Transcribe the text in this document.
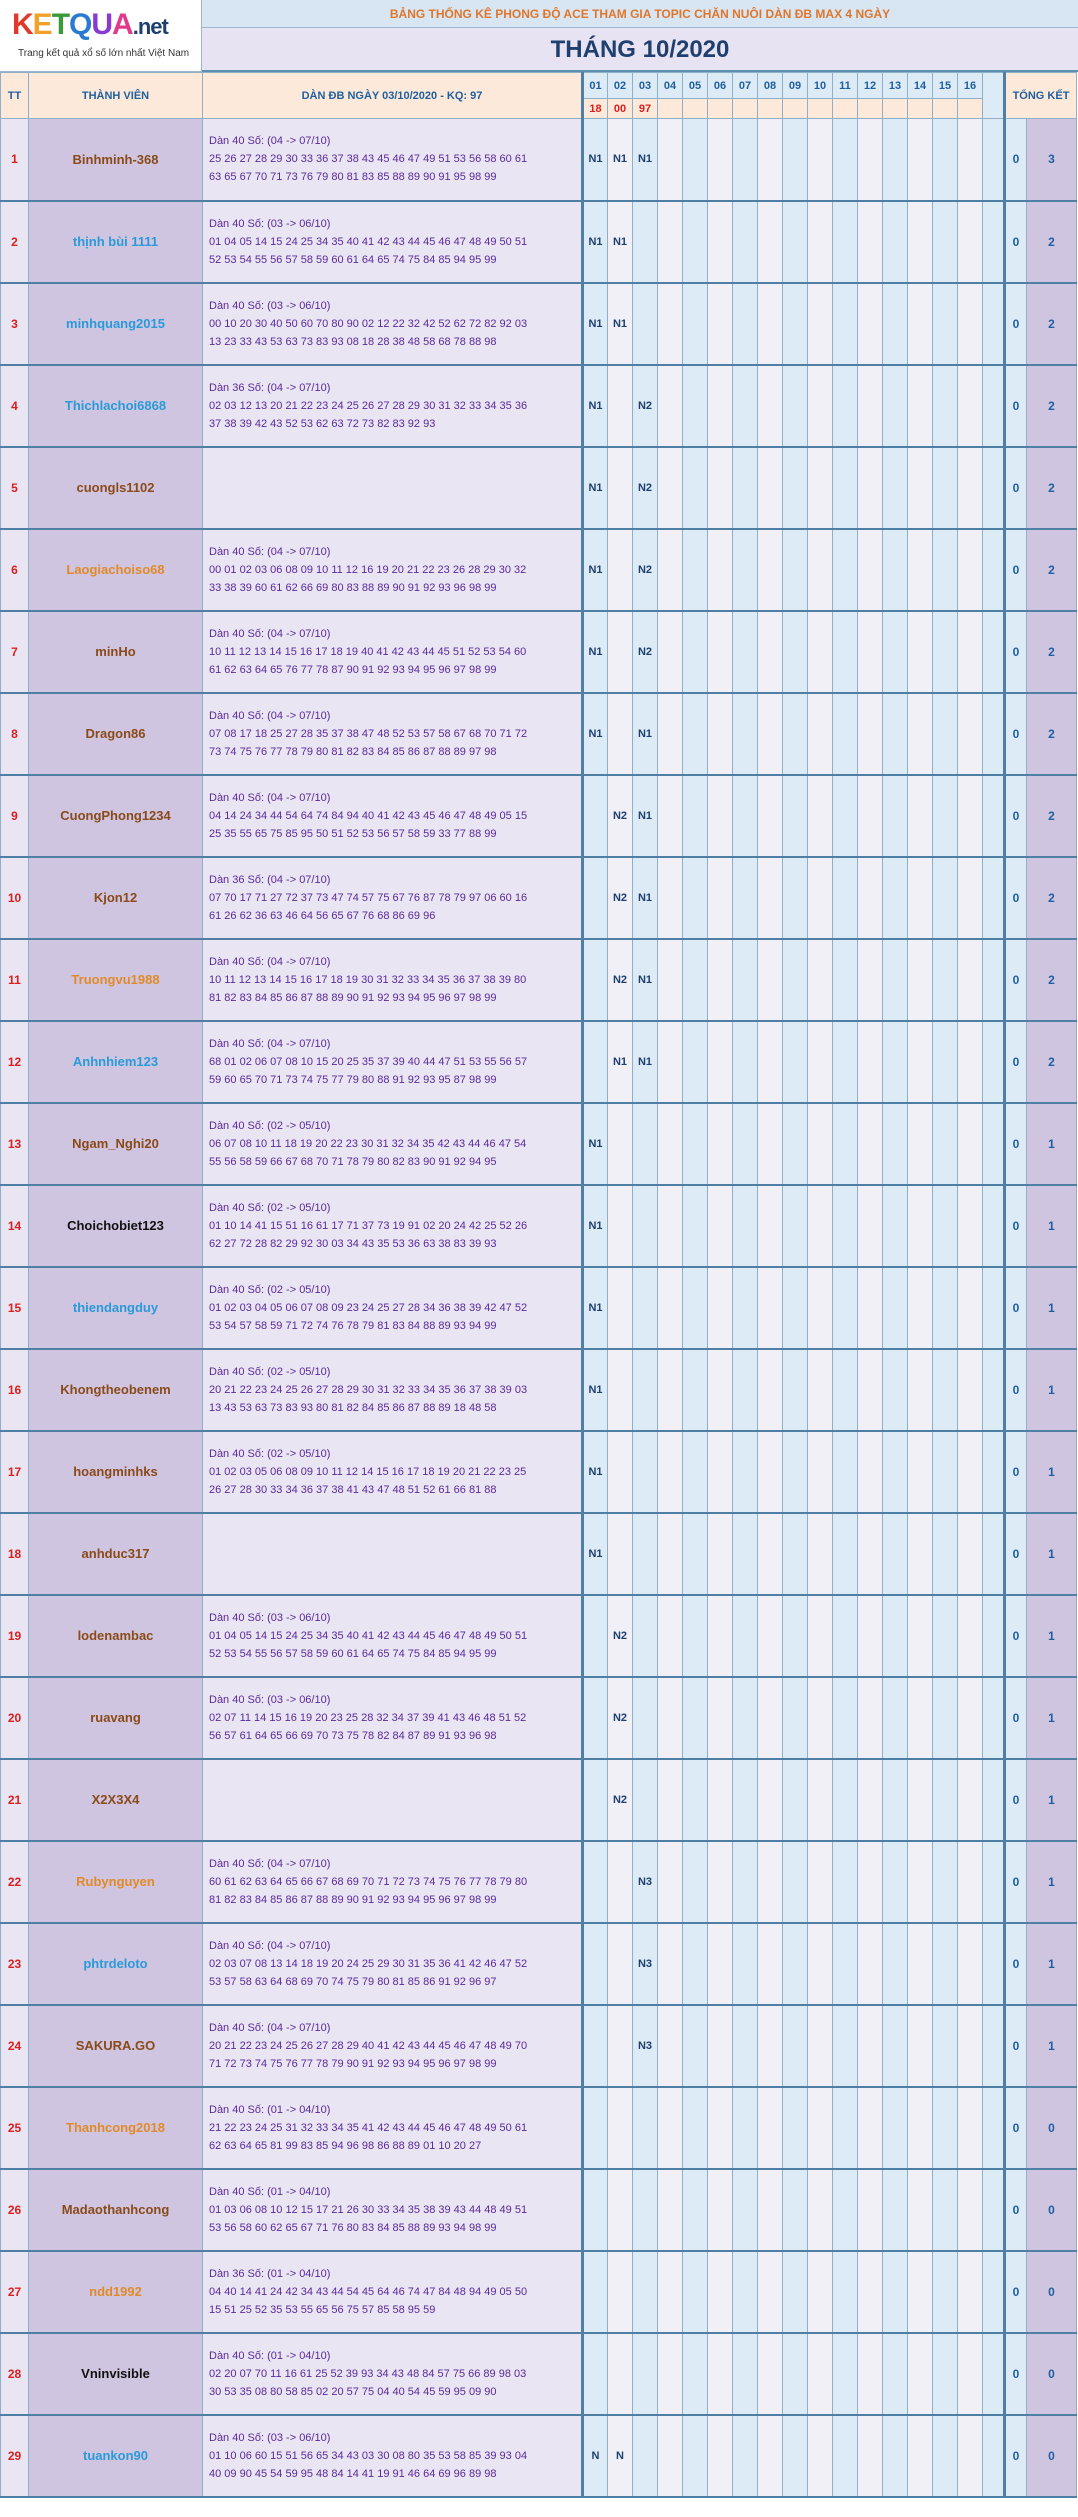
KETQUA.net
Trang kết quả xổ số lớn nhất Việt Nam
BẢNG THỐNG KÊ PHONG ĐỘ ACE THAM GIA TOPIC CHĂN NUÔI DÀN ĐB MAX 4 NGÀY
THÁNG 10/2020
TT	THÀNH VIÊN	DÀN ĐB NGÀY 03/10/2020 - KQ: 97	01	02	03	04	05	06	07	08	09	10	11	12	13	14	15	16		TỔNG KẾT	
			18	00	97																
1	Binhminh-368	Dàn 40 Số: (04 -> 07/10)
25 26 27 28 29 30 33 36 37 38 43 45 46 47 49 51 53 56 58 60 61
63 65 67 70 71 73 76 79 80 81 83 85 88 89 90 91 95 98 99	N1	N1	N1															0	3
2	thịnh bùi 1111	Dàn 40 Số: (03 -> 06/10)
01 04 05 14 15 24 25 34 35 40 41 42 43 44 45 46 47 48 49 50 51
52 53 54 55 56 57 58 59 60 61 64 65 74 75 84 85 94 95 99	N1	N1																0	2
3	minhquang2015	Dàn 40 Số: (03 -> 06/10)
00 10 20 30 40 50 60 70 80 90 02 12 22 32 42 52 62 72 82 92 03
13 23 33 43 53 63 73 83 93 08 18 28 38 48 58 68 78 88 98	N1	N1																0	2
4	Thichlachoi6868	Dàn 36 Số: (04 -> 07/10)
02 03 12 13 20 21 22 23 24 25 26 27 28 29 30 31 32 33 34 35 36
37 38 39 42 43 52 53 62 63 72 73 82 83 92 93	N1		N2															0	2
5	cuongls1102		N1		N2															0	2
6	Laogiachoiso68	Dàn 40 Số: (04 -> 07/10)
00 01 02 03 06 08 09 10 11 12 16 19 20 21 22 23 26 28 29 30 32
33 38 39 60 61 62 66 69 80 83 88 89 90 91 92 93 96 98 99	N1		N2															0	2
7	minHo	Dàn 40 Số: (04 -> 07/10)
10 11 12 13 14 15 16 17 18 19 40 41 42 43 44 45 51 52 53 54 60
61 62 63 64 65 76 77 78 87 90 91 92 93 94 95 96 97 98 99	N1		N2															0	2
8	Dragon86	Dàn 40 Số: (04 -> 07/10)
07 08 17 18 25 27 28 35 37 38 47 48 52 53 57 58 67 68 70 71 72
73 74 75 76 77 78 79 80 81 82 83 84 85 86 87 88 89 97 98	N1		N1															0	2
9	CuongPhong1234	Dàn 40 Số: (04 -> 07/10)
04 14 24 34 44 54 64 74 84 94 40 41 42 43 45 46 47 48 49 05 15
25 35 55 65 75 85 95 50 51 52 53 56 57 58 59 33 77 88 99		N2	N1															0	2
10	Kjon12	Dàn 36 Số: (04 -> 07/10)
07 70 17 71 27 72 37 73 47 74 57 75 67 76 87 78 79 97 06 60 16
61 26 62 36 63 46 64 56 65 67 76 68 86 69 96		N2	N1															0	2
11	Truongvu1988	Dàn 40 Số: (04 -> 07/10)
10 11 12 13 14 15 16 17 18 19 30 31 32 33 34 35 36 37 38 39 80
81 82 83 84 85 86 87 88 89 90 91 92 93 94 95 96 97 98 99		N2	N1															0	2
12	Anhnhiem123	Dàn 40 Số: (04 -> 07/10)
68 01 02 06 07 08 10 15 20 25 35 37 39 40 44 47 51 53 55 56 57
59 60 65 70 71 73 74 75 77 79 80 88 91 92 93 95 87 98 99		N1	N1															0	2
13	Ngam_Nghi20	Dàn 40 Số: (02 -> 05/10)
06 07 08 10 11 18 19 20 22 23 30 31 32 34 35 42 43 44 46 47 54
55 56 58 59 66 67 68 70 71 78 79 80 82 83 90 91 92 94 95	N1																	0	1
14	Choichobiet123	Dàn 40 Số: (02 -> 05/10)
01 10 14 41 15 51 16 61 17 71 37 73 19 91 02 20 24 42 25 52 26
62 27 72 28 82 29 92 30 03 34 43 35 53 36 63 38 83 39 93	N1																	0	1
15	thiendangduy	Dàn 40 Số: (02 -> 05/10)
01 02 03 04 05 06 07 08 09 23 24 25 27 28 34 36 38 39 42 47 52
53 54 57 58 59 71 72 74 76 78 79 81 83 84 88 89 93 94 99	N1																	0	1
16	Khongtheobenem	Dàn 40 Số: (02 -> 05/10)
20 21 22 23 24 25 26 27 28 29 30 31 32 33 34 35 36 37 38 39 03
13 43 53 63 73 83 93 80 81 82 84 85 86 87 88 89 18 48 58	N1																	0	1
17	hoangminhks	Dàn 40 Số: (02 -> 05/10)
01 02 03 05 06 08 09 10 11 12 14 15 16 17 18 19 20 21 22 23 25
26 27 28 30 33 34 36 37 38 41 43 47 48 51 52 61 66 81 88	N1																	0	1
18	anhduc317		N1																	0	1
19	lodenambac	Dàn 40 Số: (03 -> 06/10)
01 04 05 14 15 24 25 34 35 40 41 42 43 44 45 46 47 48 49 50 51
52 53 54 55 56 57 58 59 60 61 64 65 74 75 84 85 94 95 99		N2																0	1
20	ruavang	Dàn 40 Số: (03 -> 06/10)
02 07 11 14 15 16 19 20 23 25 28 32 34 37 39 41 43 46 48 51 52
56 57 61 64 65 66 69 70 73 75 78 82 84 87 89 91 93 96 98		N2																0	1
21	X2X3X4			N2																0	1
22	Rubynguyen	Dàn 40 Số: (04 -> 07/10)
60 61 62 63 64 65 66 67 68 69 70 71 72 73 74 75 76 77 78 79 80
81 82 83 84 85 86 87 88 89 90 91 92 93 94 95 96 97 98 99			N3															0	1
23	phtrdeloto	Dàn 40 Số: (04 -> 07/10)
02 03 07 08 13 14 18 19 20 24 25 29 30 31 35 36 41 42 46 47 52
53 57 58 63 64 68 69 70 74 75 79 80 81 85 86 91 92 96 97			N3															0	1
24	SAKURA.GO	Dàn 40 Số: (04 -> 07/10)
20 21 22 23 24 25 26 27 28 29 40 41 42 43 44 45 46 47 48 49 70
71 72 73 74 75 76 77 78 79 90 91 92 93 94 95 96 97 98 99			N3															0	1
25	Thanhcong2018	Dàn 40 Số: (01 -> 04/10)
21 22 23 24 25 31 32 33 34 35 41 42 43 44 45 46 47 48 49 50 61
62 63 64 65 81 99 83 85 94 96 98 86 88 89 01 10 20 27																		0	0
26	Madaothanhcong	Dàn 40 Số: (01 -> 04/10)
01 03 06 08 10 12 15 17 21 26 30 33 34 35 38 39 43 44 48 49 51
53 56 58 60 62 65 67 71 76 80 83 84 85 88 89 93 94 98 99																		0	0
27	ndd1992	Dàn 36 Số: (01 -> 04/10)
04 40 14 41 24 42 34 43 44 54 45 64 46 74 47 84 48 94 49 05 50
15 51 25 52 35 53 55 65 56 75 57 85 58 95 59																		0	0
28	Vninvisible	Dàn 40 Số: (01 -> 04/10)
02 20 07 70 11 16 61 25 52 39 93 34 43 48 84 57 75 66 89 98 03
30 53 35 08 80 58 85 02 20 57 75 04 40 54 45 59 95 09 90																		0	0
29	tuankon90	Dàn 40 Số: (03 -> 06/10)
01 10 06 60 15 51 56 65 34 43 03 30 08 80 35 53 58 85 39 93 04
40 09 90 45 54 59 95 48 84 14 41 19 91 46 64 69 96 89 98	N	N																0	0
